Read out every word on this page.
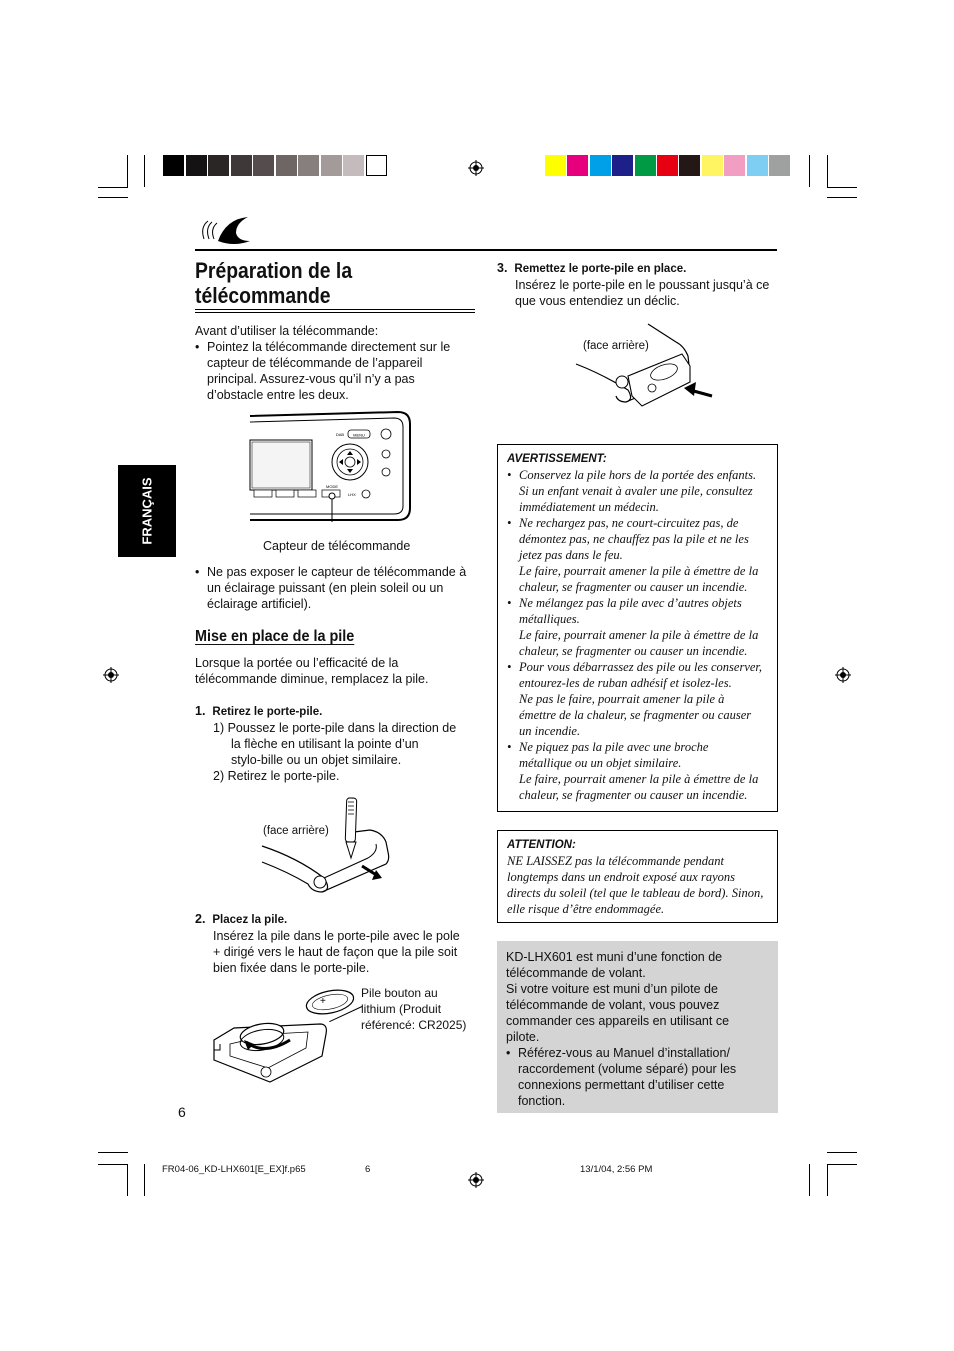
FRANÇAIS
Préparation de la
télécommande
Avant d’utiliser la télécommande:
• Pointez la télécommande directement sur le
capteur de télécommande de l’appareil
principal. Assurez-vous qu’il n’y a pas
d’obstacle entre les deux.
MENU
DAB
MODE
LHX
Capteur de télécommande
• Ne pas exposer le capteur de télécommande à
un éclairage puissant (en plein soleil ou un
éclairage artificiel).
Mise en place de la pile
Lorsque la portée ou l’efficacité de la
télécommande diminue, remplacez la pile.
1. Retirez le porte-pile.
1) Poussez le porte-pile dans la direction de
la flèche en utilisant la pointe d’un
stylo-bille ou un objet similaire.
2) Retirez le porte-pile.
(face arrière)
2. Placez la pile.
Insérez la pile dans le porte-pile avec le pole
+ dirigé vers le haut de façon que la pile soit
bien fixée dans le porte-pile.
+
Pile bouton au
lithium (Produit
référencé: CR2025)
6
3. Remettez le porte-pile en place.
Insérez le porte-pile en le poussant jusqu’à ce
que vous entendiez un déclic.
(face arrière)
AVERTISSEMENT:
• Conservez la pile hors de la portée des enfants.
Si un enfant venait à avaler une pile, consultez
immédiatement un médecin.
• Ne rechargez pas, ne court-circuitez pas, de
démontez pas, ne chauffez pas la pile et ne les
jetez pas dans le feu.
Le faire, pourrait amener la pile à émettre de la
chaleur, se fragmenter ou causer un incendie.
• Ne mélangez pas la pile avec d’autres objets
métalliques.
Le faire, pourrait amener la pile à émettre de la
chaleur, se fragmenter ou causer un incendie.
• Pour vous débarrassez des pile ou les conserver,
entourez-les de ruban adhésif et isolez-les.
Ne pas le faire, pourrait amener la pile à
émettre de la chaleur, se fragmenter ou causer
un incendie.
• Ne piquez pas la pile avec une broche
métallique ou un objet similaire.
Le faire, pourrait amener la pile à émettre de la
chaleur, se fragmenter ou causer un incendie.
ATTENTION:
NE LAISSEZ pas la télécommande pendant
longtemps dans un endroit exposé aux rayons
directs du soleil (tel que le tableau de bord). Sinon,
elle risque d’être endommagée.
KD-LHX601 est muni d’une fonction de
télécommande de volant.
Si votre voiture est muni d’un pilote de
télécommande de volant, vous pouvez
commander ces appareils en utilisant ce
pilote.
• Référez-vous au Manuel d’installation/
raccordement (volume séparé) pour les
connexions permettant d’utiliser cette
fonction.
FR04-06_KD-LHX601[E_EX]f.p65	6	13/1/04, 2:56 PM
